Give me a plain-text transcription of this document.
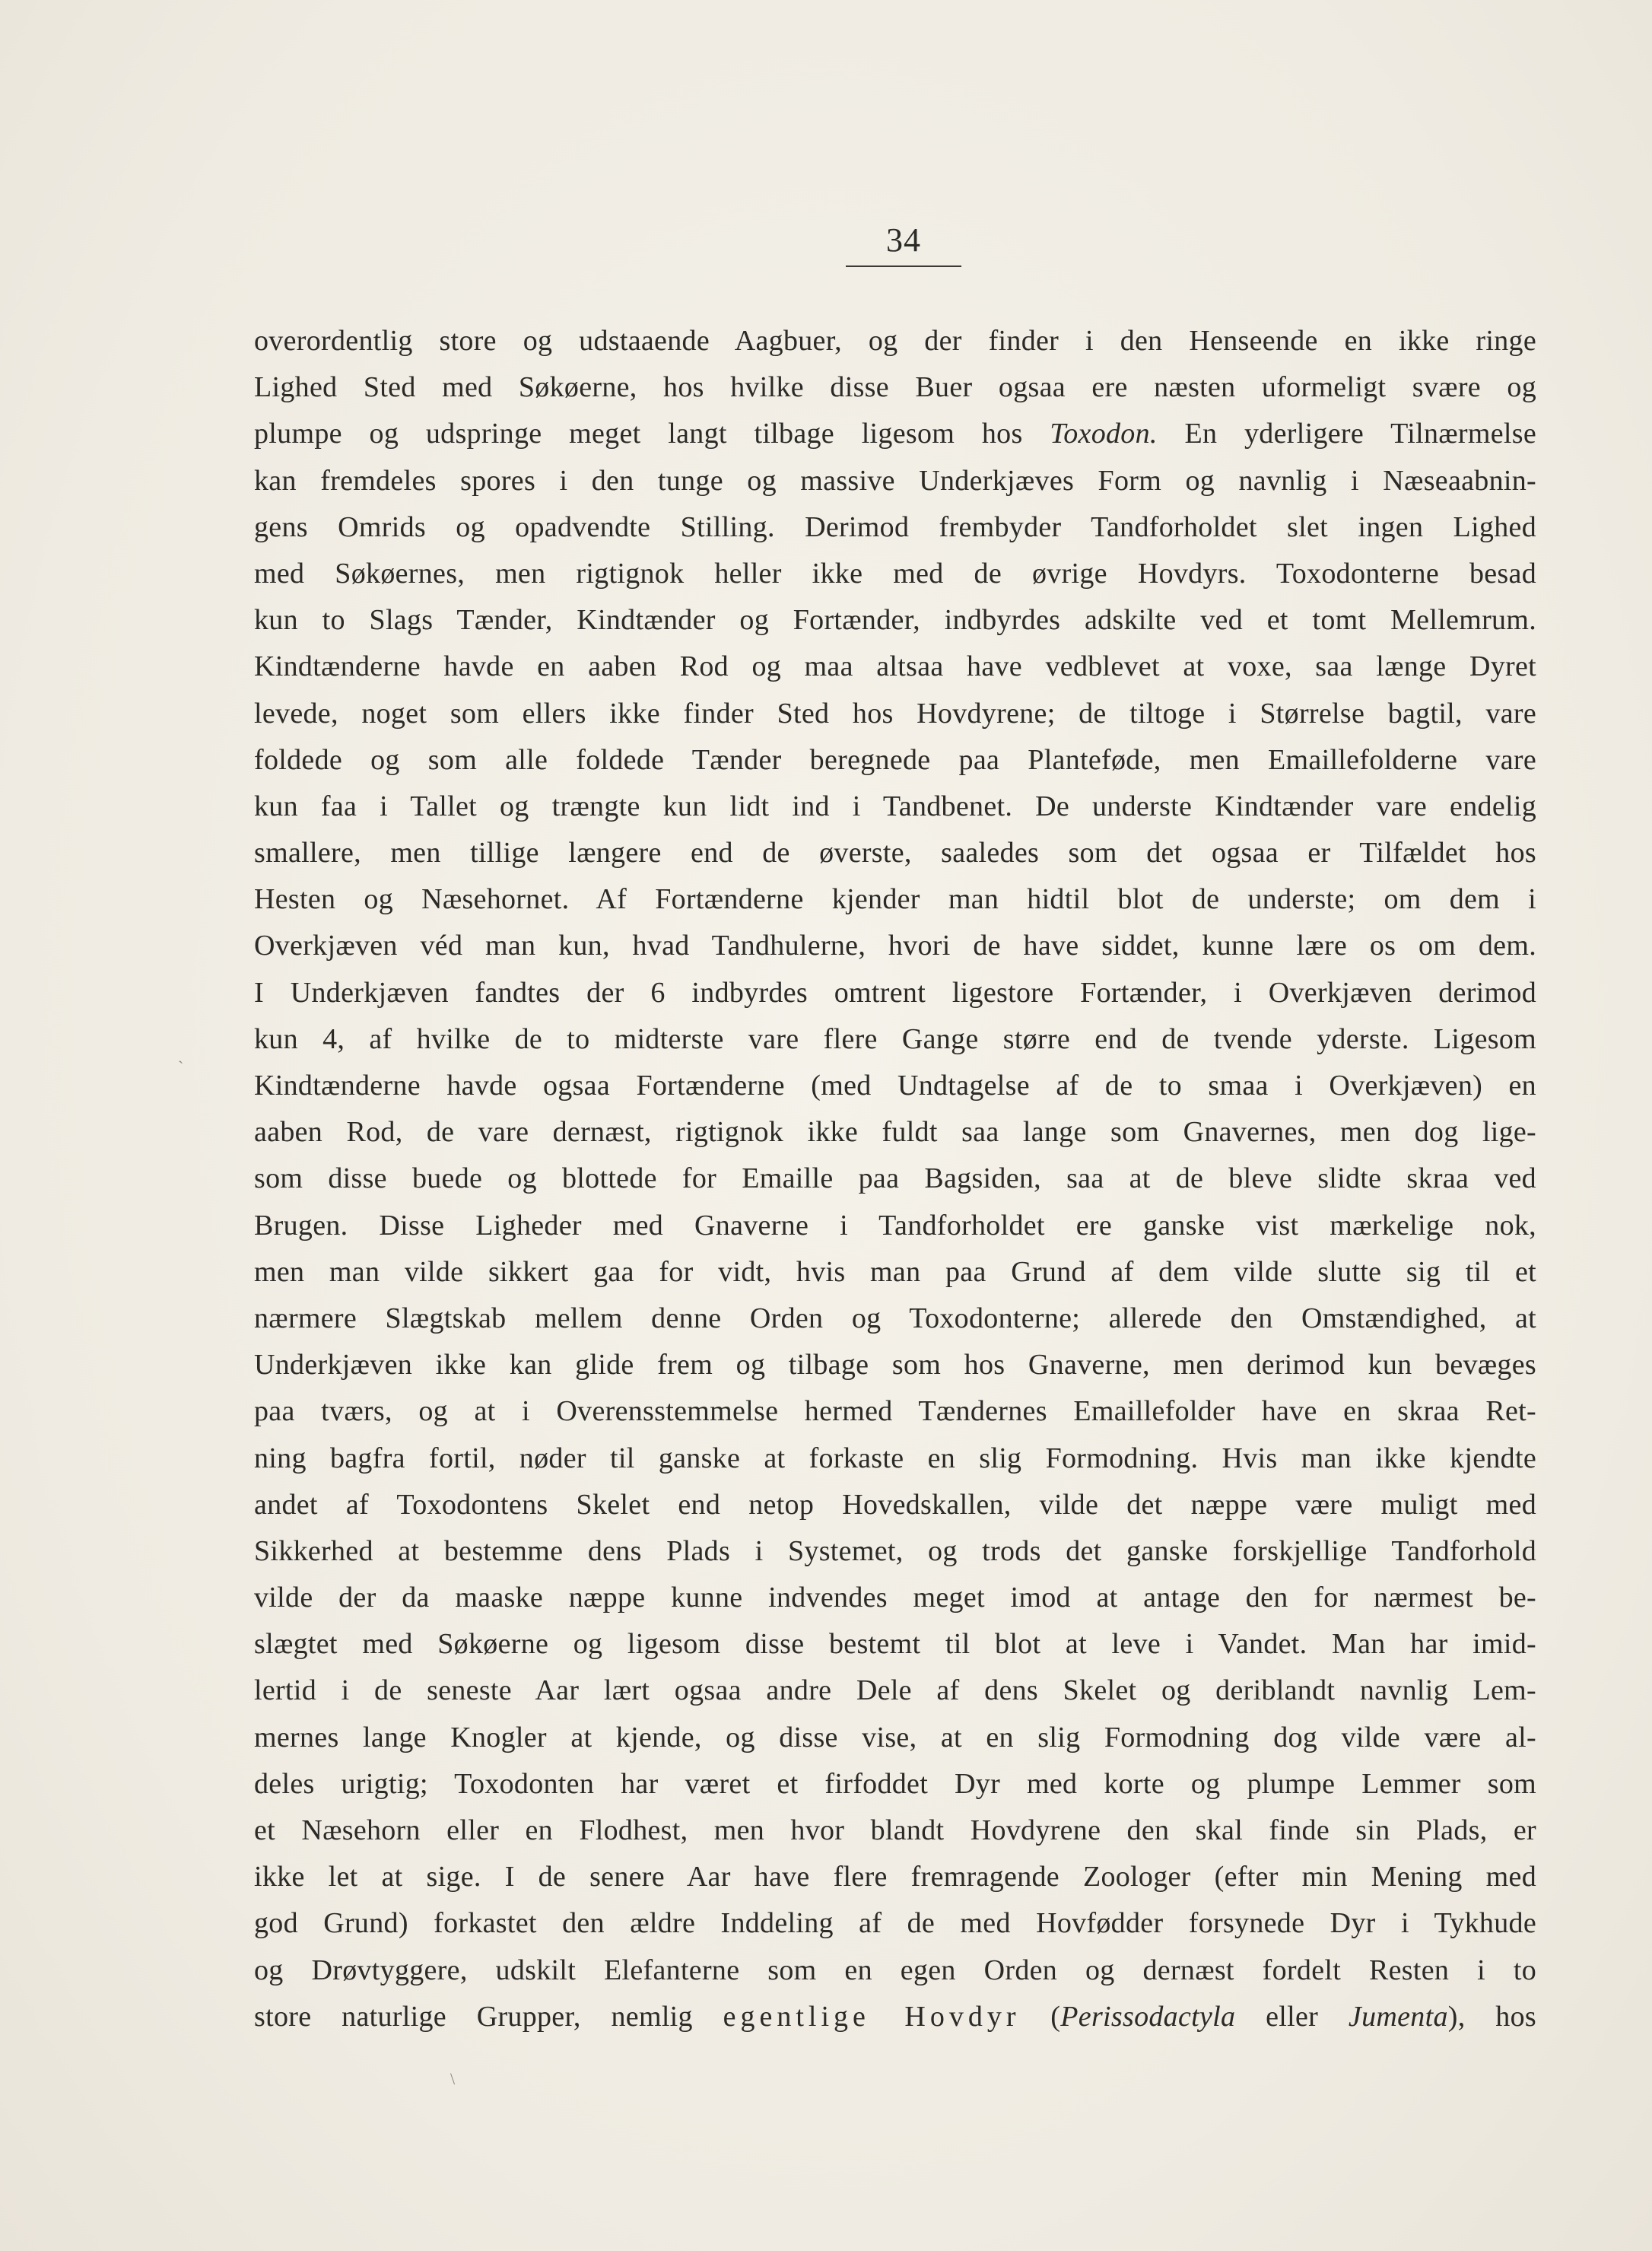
34
overordentlig store og udstaaende Aagbuer, og der finder i den Henseende en ikke ringe
Lighed Sted med Søkøerne, hos hvilke disse Buer ogsaa ere næsten uformeligt svære og
plumpe og udspringe meget langt tilbage ligesom hos Toxodon. En yderligere Tilnærmelse
kan fremdeles spores i den tunge og massive Underkjæves Form og navnlig i Næseaabnin-
gens Omrids og opadvendte Stilling. Derimod frembyder Tandforholdet slet ingen Lighed
med Søkøernes, men rigtignok heller ikke med de øvrige Hovdyrs. Toxodonterne besad
kun to Slags Tænder, Kindtænder og Fortænder, indbyrdes adskilte ved et tomt Mellemrum.
Kindtænderne havde en aaben Rod og maa altsaa have vedblevet at voxe, saa længe Dyret
levede, noget som ellers ikke finder Sted hos Hovdyrene; de tiltoge i Størrelse bagtil, vare
foldede og som alle foldede Tænder beregnede paa Planteføde, men Emaillefolderne vare
kun faa i Tallet og trængte kun lidt ind i Tandbenet. De underste Kindtænder vare endelig
smallere, men tillige længere end de øverste, saaledes som det ogsaa er Tilfældet hos
Hesten og Næsehornet. Af Fortænderne kjender man hidtil blot de underste; om dem i
Overkjæven véd man kun, hvad Tandhulerne, hvori de have siddet, kunne lære os om dem.
I Underkjæven fandtes der 6 indbyrdes omtrent ligestore Fortænder, i Overkjæven derimod
kun 4, af hvilke de to midterste vare flere Gange større end de tvende yderste. Ligesom
Kindtænderne havde ogsaa Fortænderne (med Undtagelse af de to smaa i Overkjæven) en
aaben Rod, de vare dernæst, rigtignok ikke fuldt saa lange som Gnavernes, men dog lige-
som disse buede og blottede for Emaille paa Bagsiden, saa at de bleve slidte skraa ved
Brugen. Disse Ligheder med Gnaverne i Tandforholdet ere ganske vist mærkelige nok,
men man vilde sikkert gaa for vidt, hvis man paa Grund af dem vilde slutte sig til et
nærmere Slægtskab mellem denne Orden og Toxodonterne; allerede den Omstændighed, at
Underkjæven ikke kan glide frem og tilbage som hos Gnaverne, men derimod kun bevæges
paa tværs, og at i Overensstemmelse hermed Tændernes Emaillefolder have en skraa Ret-
ning bagfra fortil, nøder til ganske at forkaste en slig Formodning. Hvis man ikke kjendte
andet af Toxodontens Skelet end netop Hovedskallen, vilde det næppe være muligt med
Sikkerhed at bestemme dens Plads i Systemet, og trods det ganske forskjellige Tandforhold
vilde der da maaske næppe kunne indvendes meget imod at antage den for nærmest be-
slægtet med Søkøerne og ligesom disse bestemt til blot at leve i Vandet. Man har imid-
lertid i de seneste Aar lært ogsaa andre Dele af dens Skelet og deriblandt navnlig Lem-
mernes lange Knogler at kjende, og disse vise, at en slig Formodning dog vilde være al-
deles urigtig; Toxodonten har været et firfoddet Dyr med korte og plumpe Lemmer som
et Næsehorn eller en Flodhest, men hvor blandt Hovdyrene den skal finde sin Plads, er
ikke let at sige. I de senere Aar have flere fremragende Zoologer (efter min Mening med
god Grund) forkastet den ældre Inddeling af de med Hovfødder forsynede Dyr i Tykhude
og Drøvtyggere, udskilt Elefanterne som en egen Orden og dernæst fordelt Resten i to
store naturlige Grupper, nemlig egentlige Hovdyr (Perissodactyla eller Jumenta), hos
`
\
